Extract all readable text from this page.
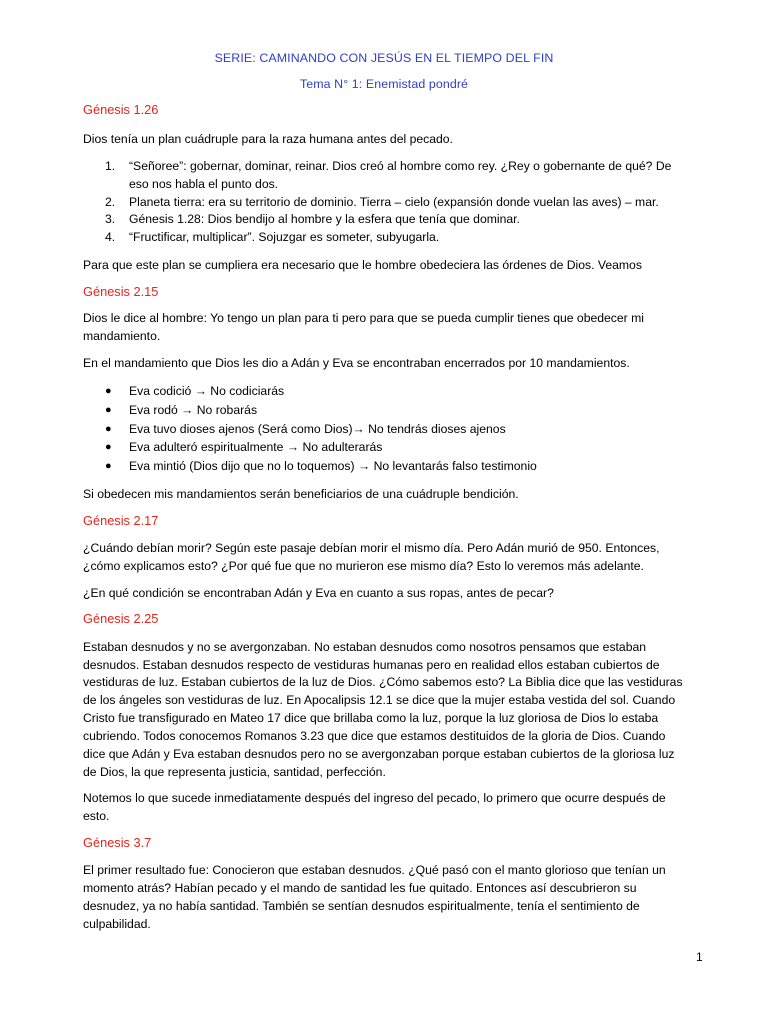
SERIE: CAMINANDO CON JESÚS EN EL TIEMPO DEL FIN
Tema N° 1: Enemistad pondré
Génesis 1.26
Dios tenía un plan cuádruple para la raza humana antes del pecado.
1.	“Señoree”: gobernar, dominar, reinar. Dios creó al hombre como rey. ¿Rey o gobernante de qué? De
eso nos habla el punto dos.
2.	Planeta tierra: era su territorio de dominio. Tierra – cielo (expansión donde vuelan las aves) – mar.
3.	Génesis 1.28: Dios bendijo al hombre y la esfera que tenía que dominar.
4.	“Fructificar, multiplicar”. Sojuzgar es someter, subyugarla.
Para que este plan se cumpliera era necesario que le hombre obedeciera las órdenes de Dios. Veamos
Génesis 2.15
Dios le dice al hombre: Yo tengo un plan para ti pero para que se pueda cumplir tienes que obedecer mi
mandamiento.
En el mandamiento que Dios les dio a Adán y Eva se encontraban encerrados por 10 mandamientos.
●	Eva codició → No codiciarás
●	Eva rodó → No robarás
●	Eva tuvo dioses ajenos (Será como Dios)→ No tendrás dioses ajenos
●	Eva adulteró espiritualmente → No adulterarás
●	Eva mintió (Dios dijo que no lo toquemos) → No levantarás falso testimonio
Si obedecen mis mandamientos serán beneficiarios de una cuádruple bendición.
Génesis 2.17
¿Cuándo debían morir? Según este pasaje debían morir el mismo día. Pero Adán murió de 950. Entonces,
¿cómo explicamos esto? ¿Por qué fue que no murieron ese mismo día? Esto lo veremos más adelante.
¿En qué condición se encontraban Adán y Eva en cuanto a sus ropas, antes de pecar?
Génesis 2.25
Estaban desnudos y no se avergonzaban. No estaban desnudos como nosotros pensamos que estaban
desnudos. Estaban desnudos respecto de vestiduras humanas pero en realidad ellos estaban cubiertos de
vestiduras de luz. Estaban cubiertos de la luz de Dios. ¿Cómo sabemos esto? La Biblia dice que las vestiduras
de los ángeles son vestiduras de luz. En Apocalipsis 12.1 se dice que la mujer estaba vestida del sol. Cuando
Cristo fue transfigurado en Mateo 17 dice que brillaba como la luz, porque la luz gloriosa de Dios lo estaba
cubriendo. Todos conocemos Romanos 3.23 que dice que estamos destituidos de la gloria de Dios. Cuando
dice que Adán y Eva estaban desnudos pero no se avergonzaban porque estaban cubiertos de la gloriosa luz
de Dios, la que representa justicia, santidad, perfección.
Notemos lo que sucede inmediatamente después del ingreso del pecado, lo primero que ocurre después de
esto.
Génesis 3.7
El primer resultado fue: Conocieron que estaban desnudos. ¿Qué pasó con el manto glorioso que tenían un
momento atrás? Habían pecado y el mando de santidad les fue quitado. Entonces así descubrieron su
desnudez, ya no había santidad. También se sentían desnudos espiritualmente, tenía el sentimiento de
culpabilidad.
1
